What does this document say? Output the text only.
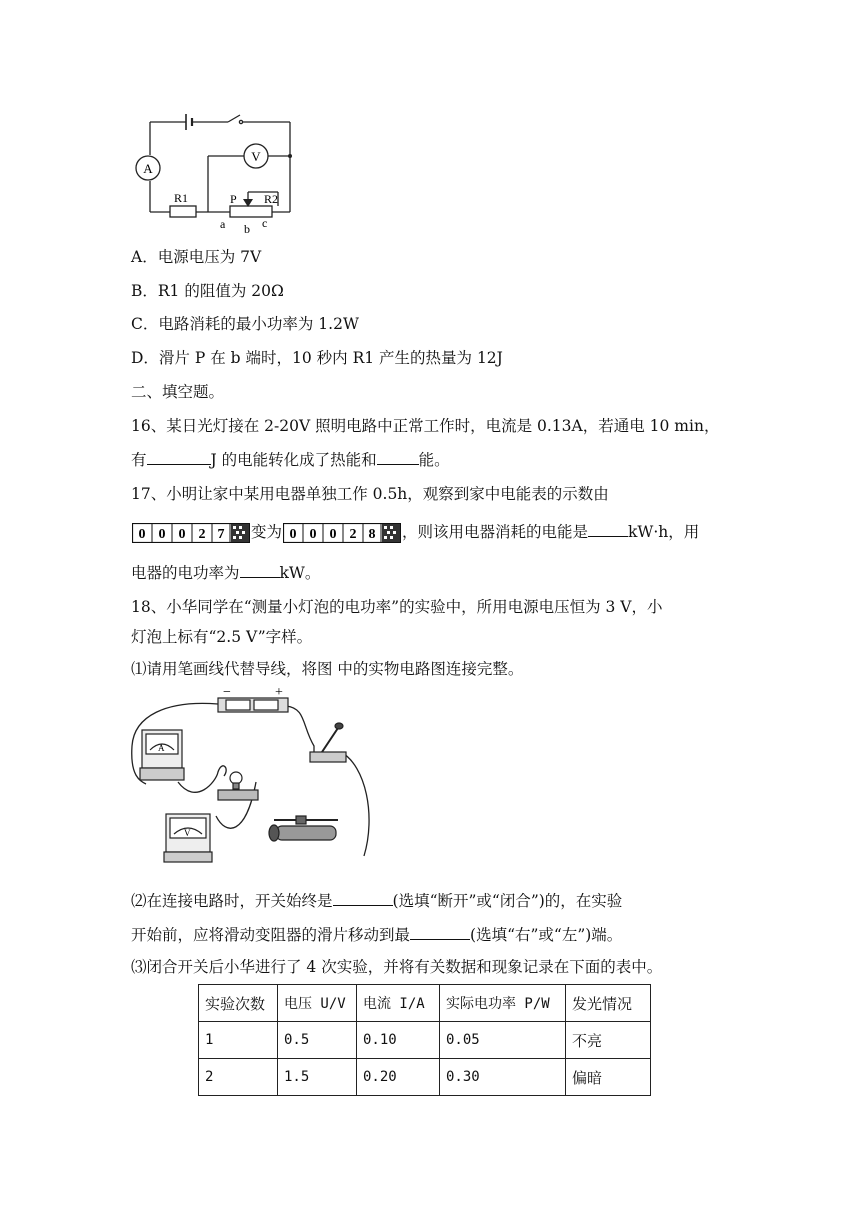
A
V
R1	P R2
a b c
A．电源电压为 7V
B．R1 的阻值为 20Ω
C．电路消耗的最小功率为 1.2W
D．滑片 P 在 b 端时，10 秒内 R1 产生的热量为 12J
二、填空题。
16、某日光灯接在 2-20V 照明电路中正常工作时，电流是 0.13A，若通电 10 min，
有	J 的电能转化成了热能和	能。
17、小明让家中某用电器单独工作 0.5h，观察到家中电能表的示数由
0 0 0 2 7 变为 0 0 0 2 8 ，则该用电器消耗的电能是	kW·h，用
电器的电功率为	kW。
18、小华同学在“测量小灯泡的电功率”的实验中，所用电源电压恒为 3 V，小
灯泡上标有“2.5 V”字样。
⑴请用笔画线代替导线，将图 中的实物电路图连接完整。
−	+
A
V
⑵在连接电路时，开关始终是	(选填“断开”或“闭合”)的，在实验
开始前，应将滑动变阻器的滑片移动到最	(选填“右”或“左”)端。
⑶闭合开关后小华进行了 4 次实验，并将有关数据和现象记录在下面的表中。
实验次数	电压 U/V	电流 I/A	实际电功率 P/W	发光情况
1	0.5	0.10	0.05	不亮
2	1.5	0.20	0.30	偏暗
